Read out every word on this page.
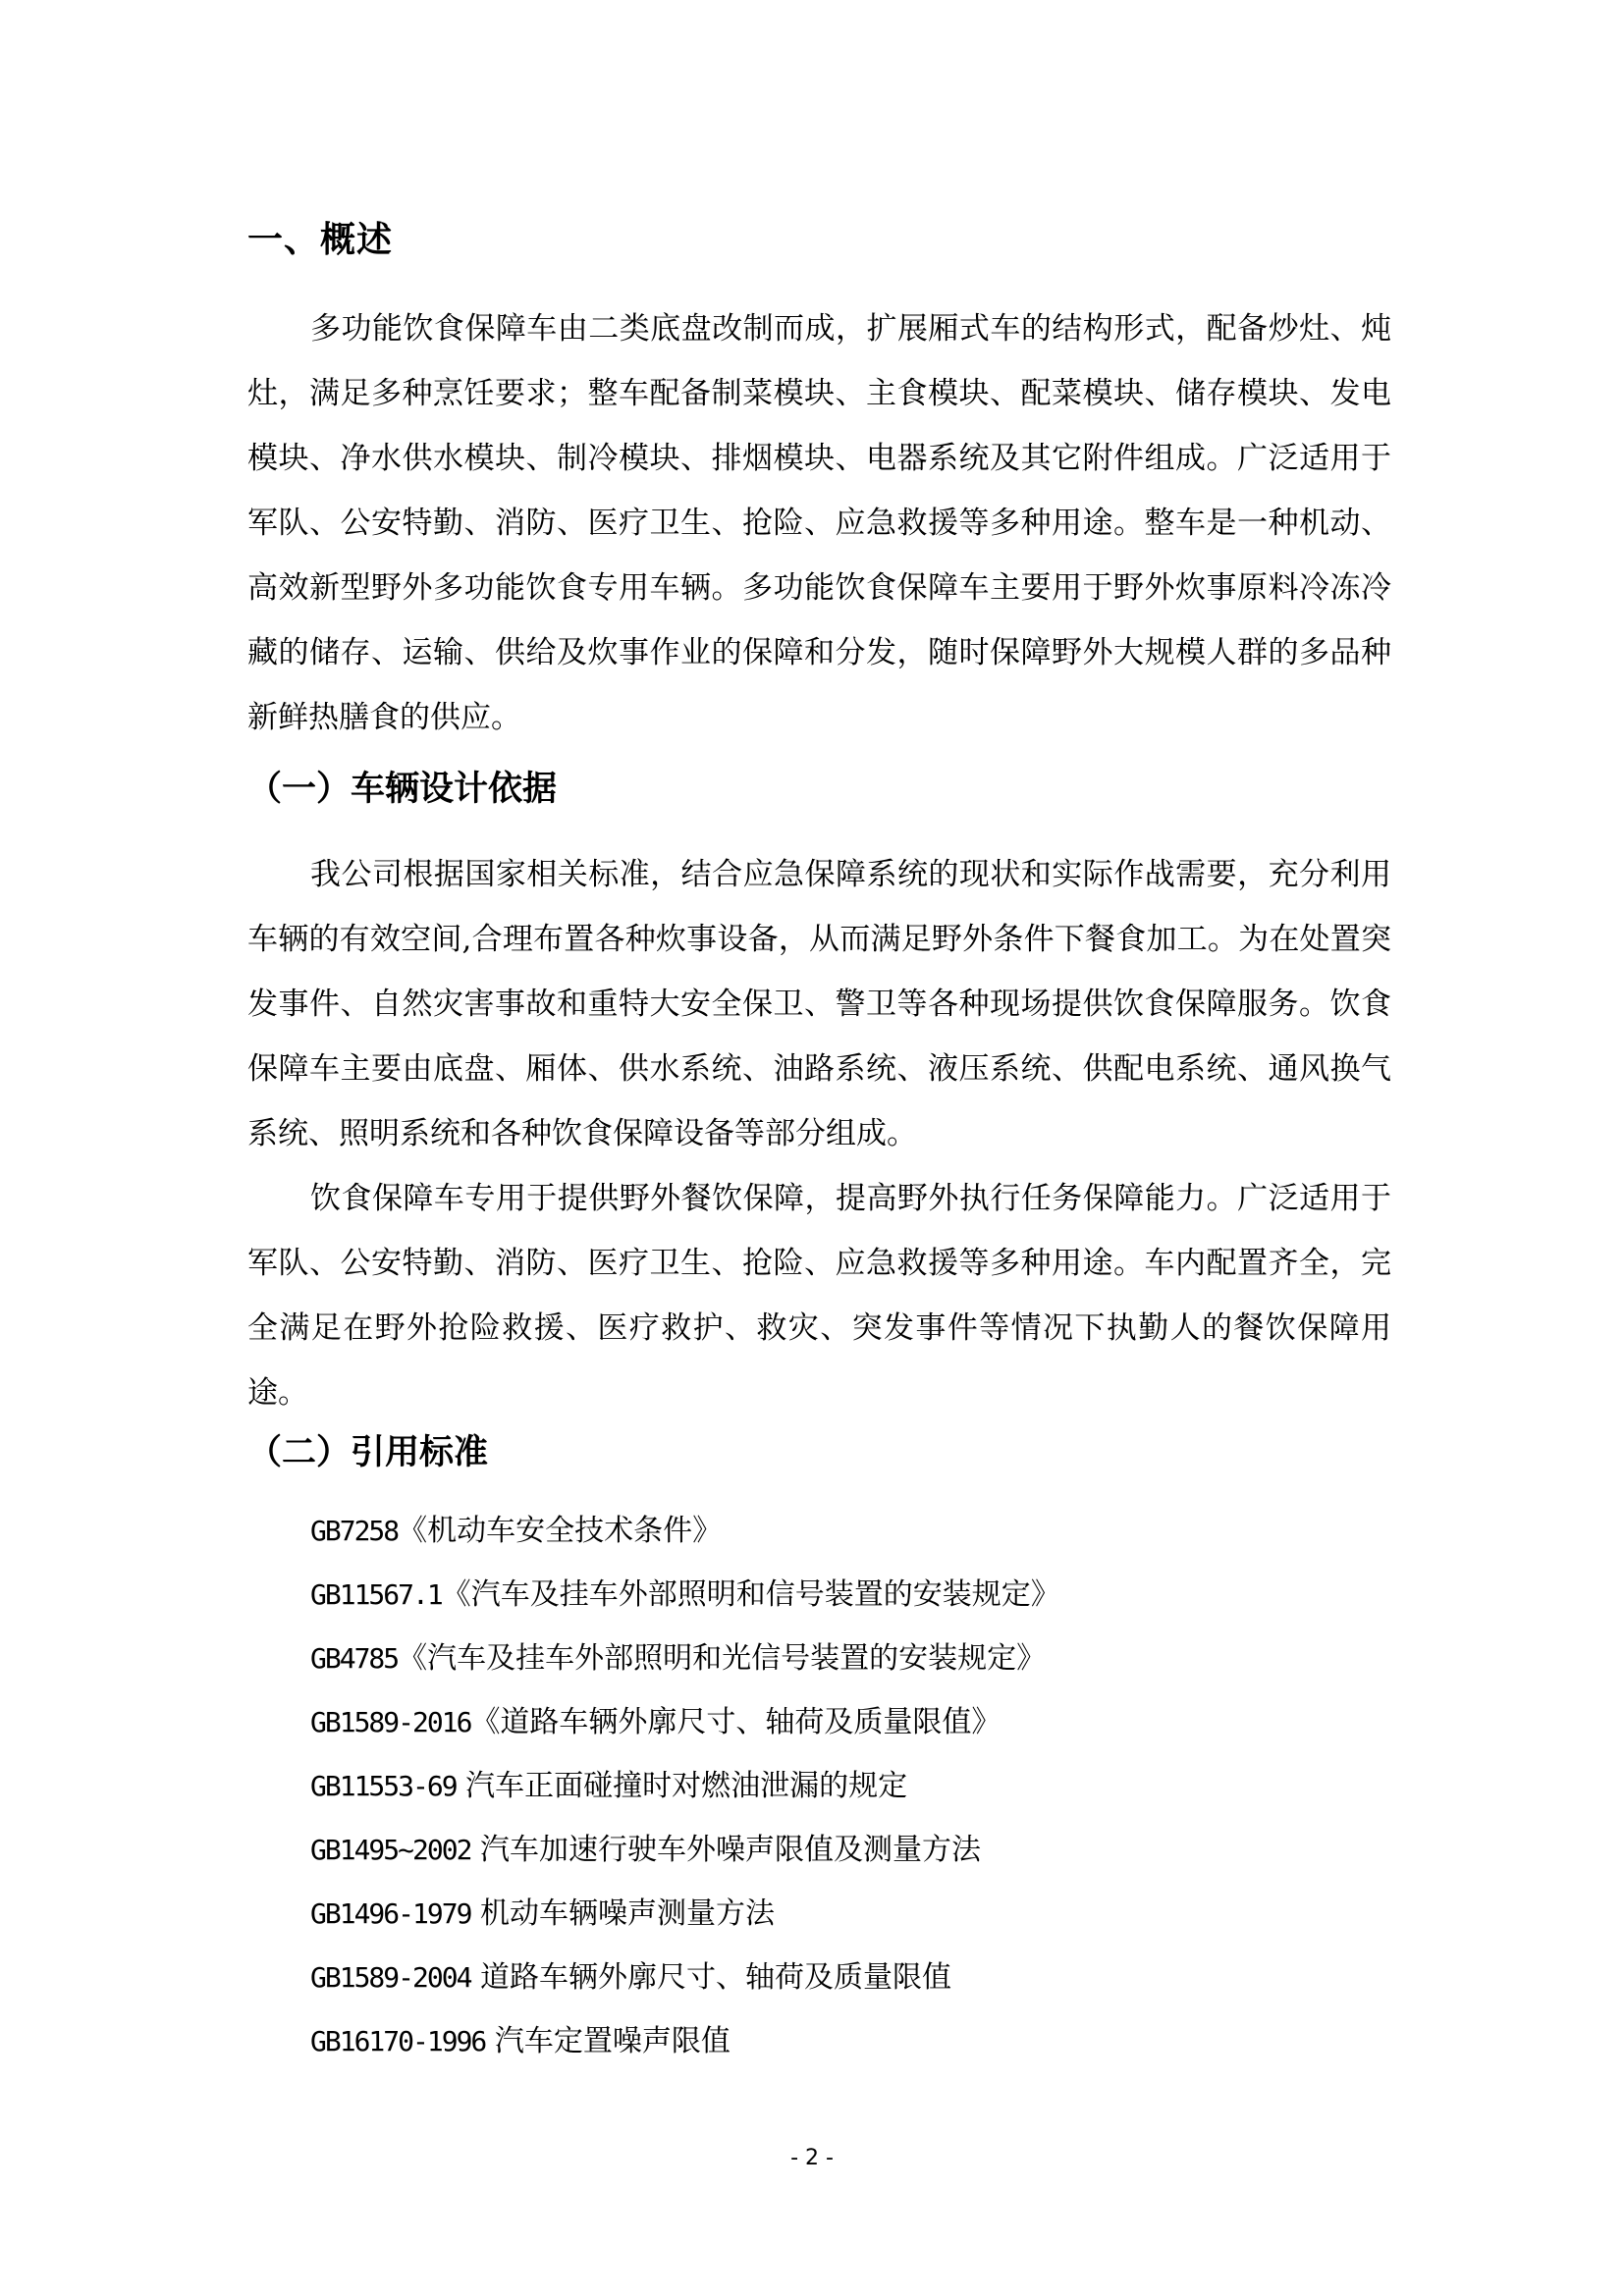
一、概述
多功能饮食保障车由二类底盘改制而成，扩展厢式车的结构形式，配备炒灶、炖灶，满足多种烹饪要求；整车配备制菜模块、主食模块、配菜模块、储存模块、发电模块、净水供水模块、制冷模块、排烟模块、电器系统及其它附件组成。广泛适用于军队、公安特勤、消防、医疗卫生、抢险、应急救援等多种用途。整车是一种机动、高效新型野外多功能饮食专用车辆。多功能饮食保障车主要用于野外炊事原料冷冻冷藏的储存、运输、供给及炊事作业的保障和分发，随时保障野外大规模人群的多品种新鲜热膳食的供应。
（一）车辆设计依据
我公司根据国家相关标准，结合应急保障系统的现状和实际作战需要，充分利用车辆的有效空间,合理布置各种炊事设备，从而满足野外条件下餐食加工。为在处置突发事件、自然灾害事故和重特大安全保卫、警卫等各种现场提供饮食保障服务。饮食保障车主要由底盘、厢体、供水系统、油路系统、液压系统、供配电系统、通风换气系统、照明系统和各种饮食保障设备等部分组成。
饮食保障车专用于提供野外餐饮保障，提高野外执行任务保障能力。广泛适用于军队、公安特勤、消防、医疗卫生、抢险、应急救援等多种用途。车内配置齐全，完全满足在野外抢险救援、医疗救护、救灾、突发事件等情况下执勤人的餐饮保障用途。
（二）引用标准
GB7258《机动车安全技术条件》
GB11567.1《汽车及挂车外部照明和信号装置的安装规定》
GB4785《汽车及挂车外部照明和光信号装置的安装规定》
GB1589-2016《道路车辆外廓尺寸、轴荷及质量限值》
GB11553-69 汽车正面碰撞时对燃油泄漏的规定
GB1495~2002 汽车加速行驶车外噪声限值及测量方法
GB1496-1979 机动车辆噪声测量方法
GB1589-2004 道路车辆外廓尺寸、轴荷及质量限值
GB16170-1996 汽车定置噪声限值
- 2 -
